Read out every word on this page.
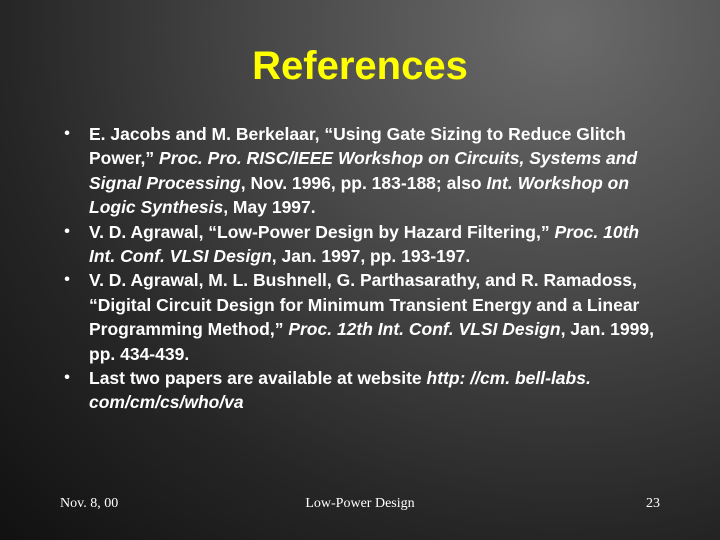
References
• E. Jacobs and M. Berkelaar, “Using Gate Sizing to Reduce Glitch Power,” Proc. Pro. RISC/IEEE Workshop on Circuits, Systems and Signal Processing, Nov. 1996, pp. 183-188; also Int. Workshop on Logic Synthesis, May 1997.
• V. D. Agrawal, “Low-Power Design by Hazard Filtering,” Proc. 10th Int. Conf. VLSI Design, Jan. 1997, pp. 193-197.
• V. D. Agrawal, M. L. Bushnell, G. Parthasarathy, and R. Ramadoss, “Digital Circuit Design for Minimum Transient Energy and a Linear Programming Method,” Proc. 12th Int. Conf. VLSI Design, Jan. 1999, pp. 434-439.
• Last two papers are available at website http: //cm. bell-labs. com/cm/cs/who/va
Nov. 8, 00	Low-Power Design	23
